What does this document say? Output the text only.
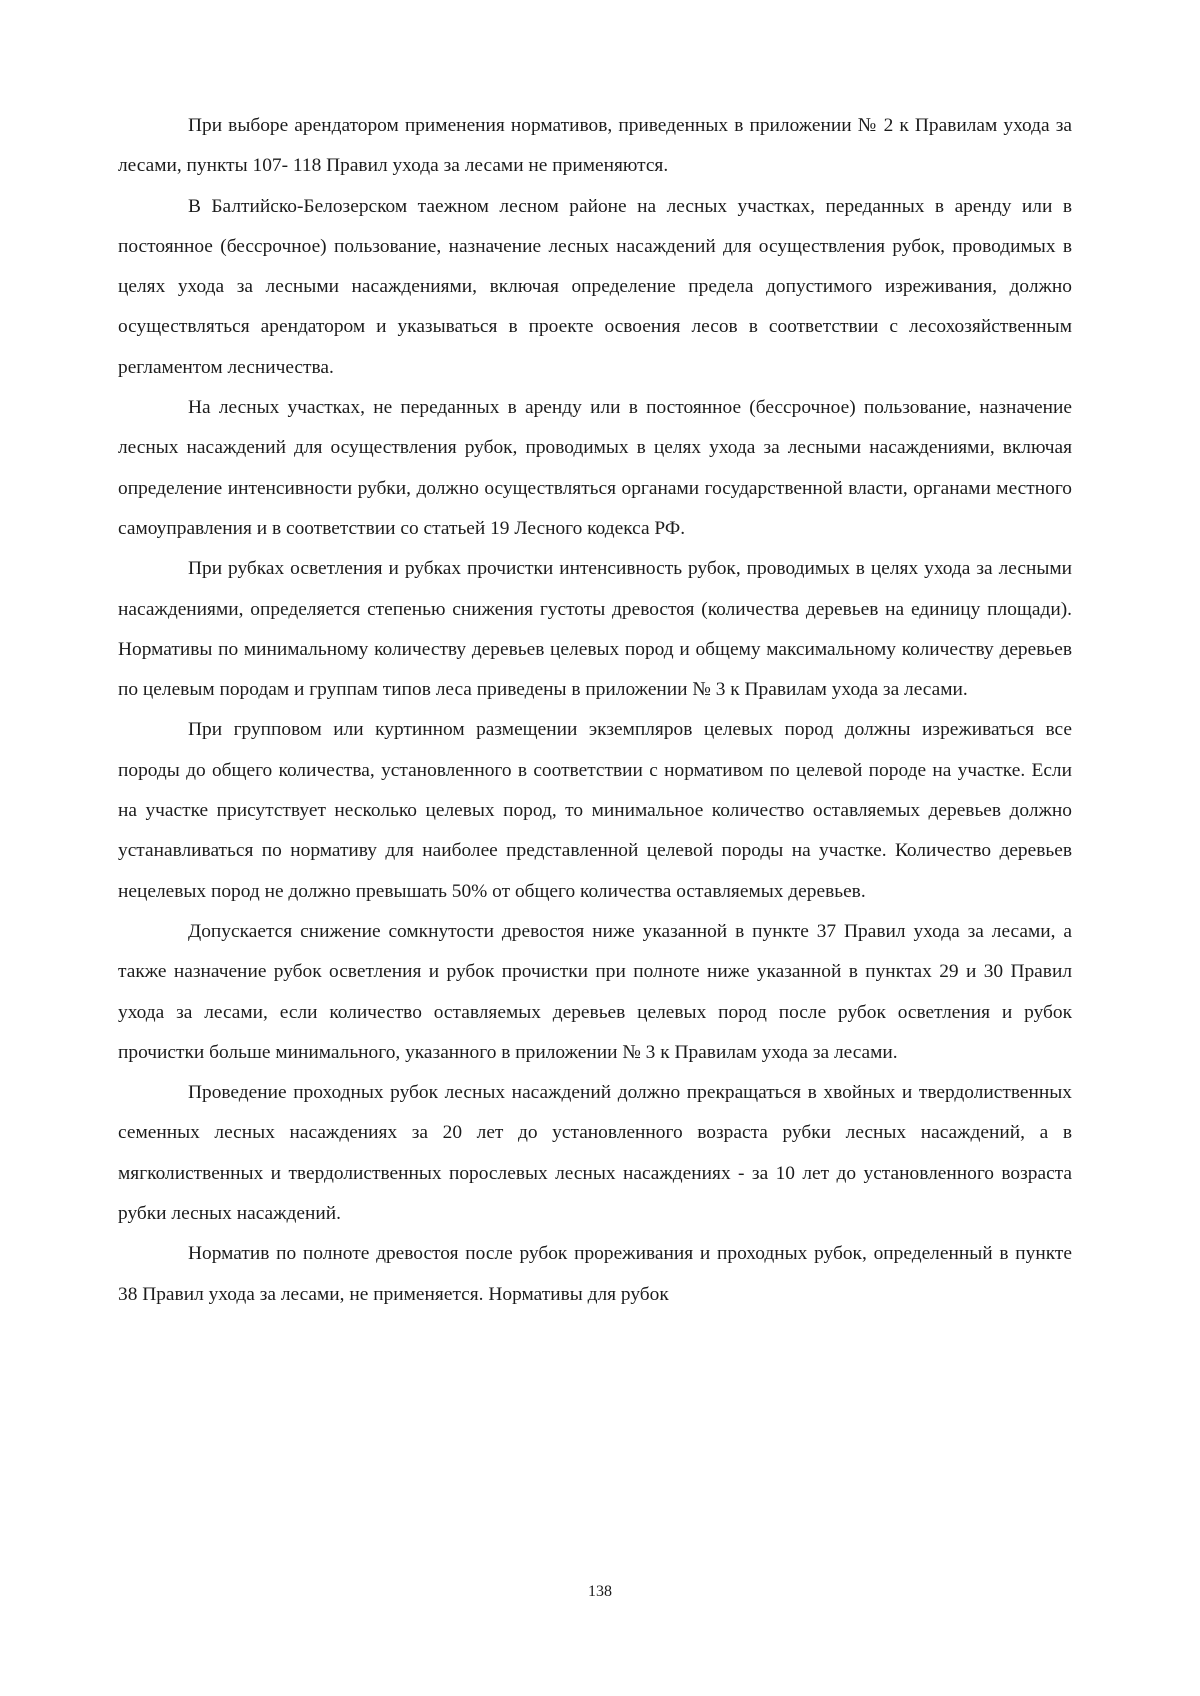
При выборе арендатором применения нормативов, приведенных в приложении № 2 к Правилам ухода за лесами, пункты 107- 118 Правил ухода за лесами не применяются.

В Балтийско-Белозерском таежном лесном районе на лесных участках, переданных в аренду или в постоянное (бессрочное) пользование, назначение лесных насаждений для осуществления рубок, проводимых в целях ухода за лесными насаждениями, включая определение предела допустимого изреживания, должно осуществляться арендатором и указываться в проекте освоения лесов в соответствии с лесохозяйственным регламентом лесничества.

На лесных участках, не переданных в аренду или в постоянное (бессрочное) пользование, назначение лесных насаждений для осуществления рубок, проводимых в целях ухода за лесными насаждениями, включая определение интенсивности рубки, должно осуществляться органами государственной власти, органами местного самоуправления и в соответствии со статьей 19 Лесного кодекса РФ.

При рубках осветления и рубках прочистки интенсивность рубок, проводимых в целях ухода за лесными насаждениями, определяется степенью снижения густоты древостоя (количества деревьев на единицу площади). Нормативы по минимальному количеству деревьев целевых пород и общему максимальному количеству деревьев по целевым породам и группам типов леса приведены в приложении № 3 к Правилам ухода за лесами.

При групповом или куртинном размещении экземпляров целевых пород должны изреживаться все породы до общего количества, установленного в соответствии с нормативом по целевой породе на участке. Если на участке присутствует несколько целевых пород, то минимальное количество оставляемых деревьев должно устанавливаться по нормативу для наиболее представленной целевой породы на участке. Количество деревьев нецелевых пород не должно превышать 50% от общего количества оставляемых деревьев.

Допускается снижение сомкнутости древостоя ниже указанной в пункте 37 Правил ухода за лесами, а также назначение рубок осветления и рубок прочистки при полноте ниже указанной в пунктах 29 и 30 Правил ухода за лесами, если количество оставляемых деревьев целевых пород после рубок осветления и рубок прочистки больше минимального, указанного в приложении № 3 к Правилам ухода за лесами.

Проведение проходных рубок лесных насаждений должно прекращаться в хвойных и твердолиственных семенных лесных насаждениях за 20 лет до установленного возраста рубки лесных насаждений, а в мягколиственных и твердолиственных порослевых лесных насаждениях - за 10 лет до установленного возраста рубки лесных насаждений.

Норматив по полноте древостоя после рубок прореживания и проходных рубок, определенный в пункте 38 Правил ухода за лесами, не применяется. Нормативы для рубок

138
